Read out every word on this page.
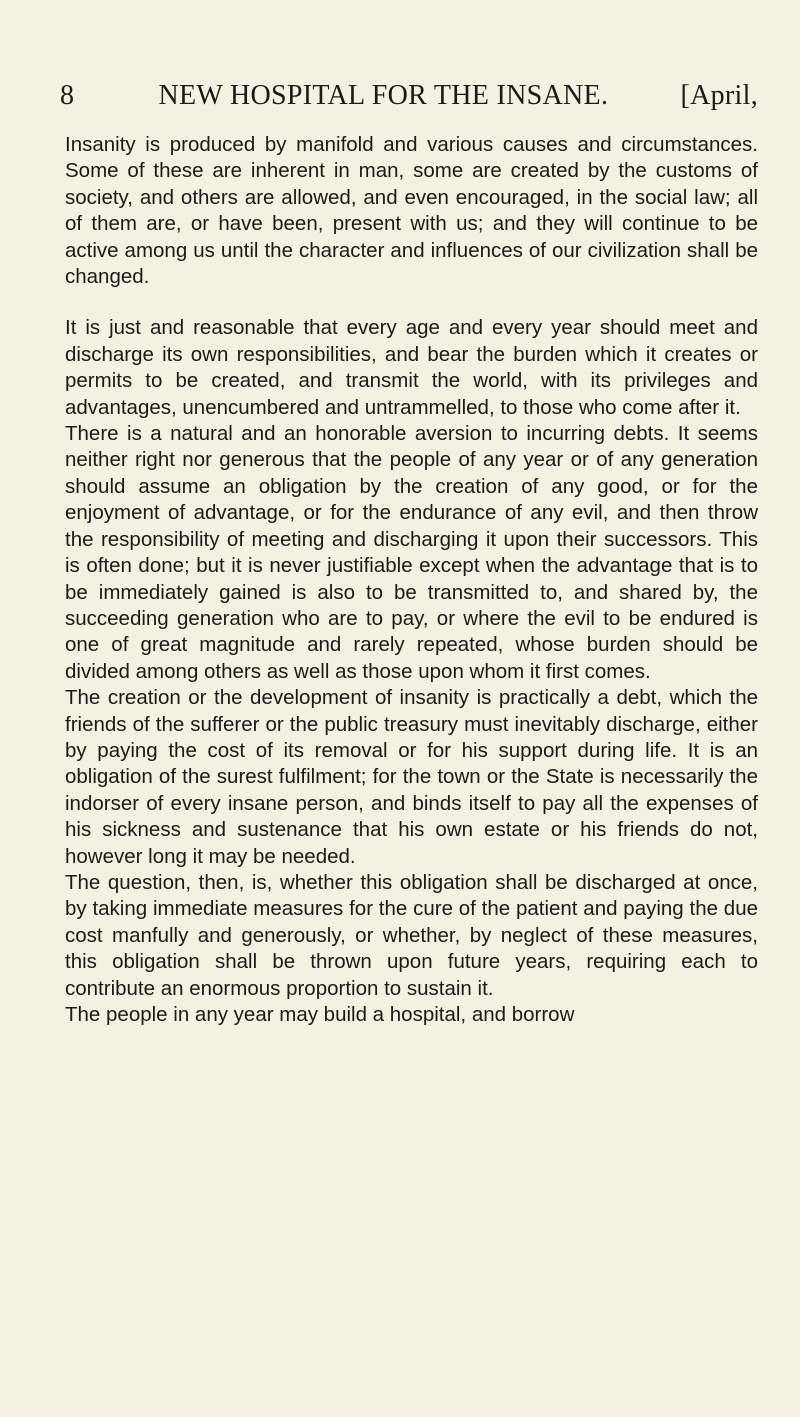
8	NEW HOSPITAL FOR THE INSANE.	[April,

Insanity is produced by manifold and various causes and circumstances. Some of these are inherent in man, some are created by the customs of society, and others are allowed, and even encouraged, in the social law; all of them are, or have been, present with us; and they will continue to be active among us until the character and influences of our civilization shall be changed.

It is just and reasonable that every age and every year should meet and discharge its own responsibilities, and bear the burden which it creates or permits to be created, and transmit the world, with its privileges and advantages, unencumbered and untrammelled, to those who come after it.

There is a natural and an honorable aversion to incurring debts. It seems neither right nor generous that the people of any year or of any generation should assume an obligation by the creation of any good, or for the enjoyment of advantage, or for the endurance of any evil, and then throw the responsibility of meeting and discharging it upon their successors. This is often done; but it is never justifiable except when the advantage that is to be immediately gained is also to be transmitted to, and shared by, the succeeding generation who are to pay, or where the evil to be endured is one of great magnitude and rarely repeated, whose burden should be divided among others as well as those upon whom it first comes.

The creation or the development of insanity is practically a debt, which the friends of the sufferer or the public treasury must inevitably discharge, either by paying the cost of its removal or for his support during life. It is an obligation of the surest fulfilment; for the town or the State is necessarily the indorser of every insane person, and binds itself to pay all the expenses of his sickness and sustenance that his own estate or his friends do not, however long it may be needed.

The question, then, is, whether this obligation shall be discharged at once, by taking immediate measures for the cure of the patient and paying the due cost manfully and generously, or whether, by neglect of these measures, this obligation shall be thrown upon future years, requiring each to contribute an enormous proportion to sustain it.

The people in any year may build a hospital, and borrow
